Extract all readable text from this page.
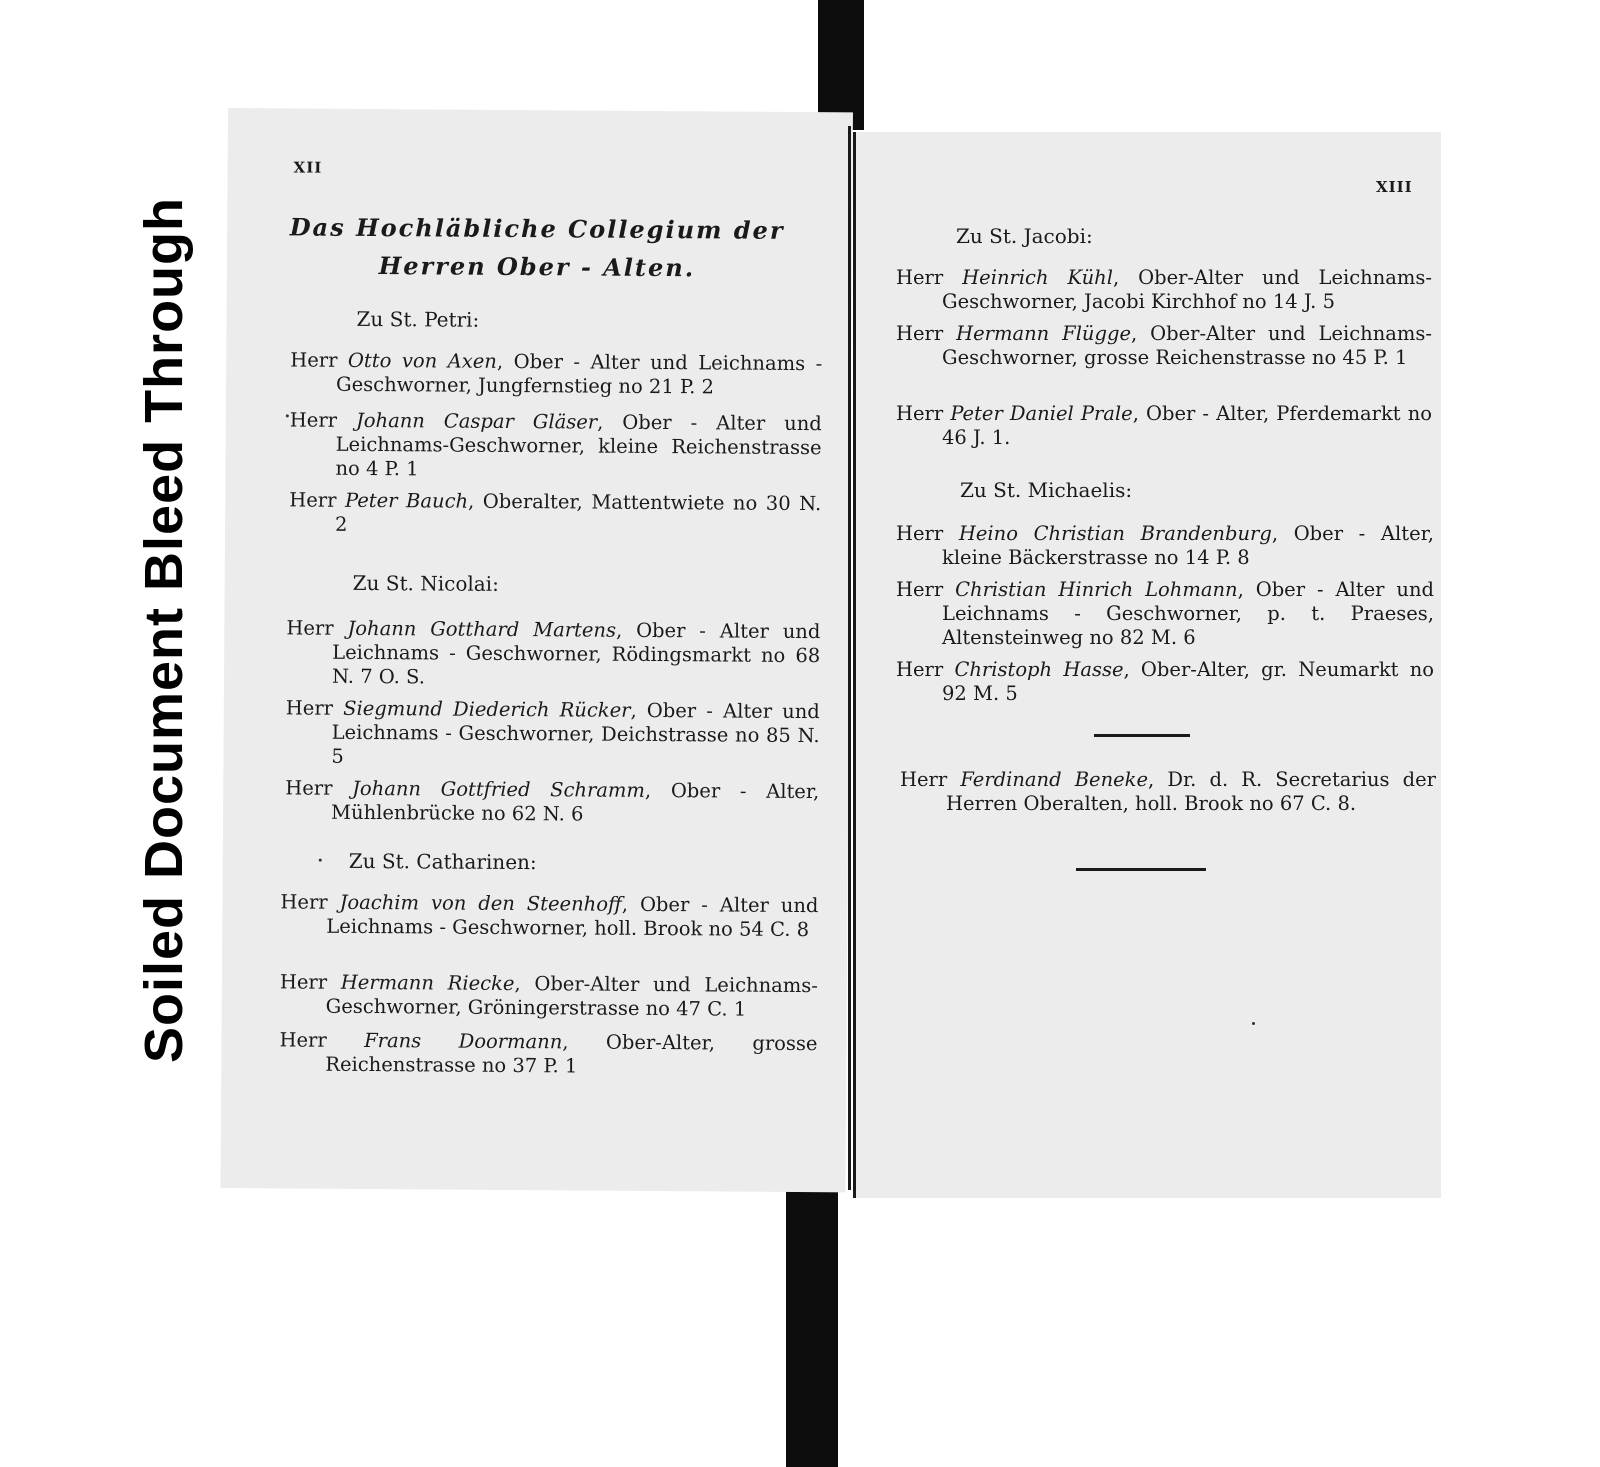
Soiled Document Bleed Through
XII
Das Hochläbliche Collegium der
Herren Ober - Alten.
Zu St. Petri:
Herr Otto von Axen, Ober - Alter und Leichnams - Geschworner, Jungfernstieg no 21 P. 2
Herr Johann Caspar Gläser, Ober - Alter und Leichnams-Geschworner, kleine Reichenstrasse no 4 P. 1
Herr Peter Bauch, Oberalter, Mattentwiete no 30 N. 2
Zu St. Nicolai:
Herr Johann Gotthard Martens, Ober - Alter und Leichnams - Geschworner, Rödingsmarkt no 68 N. 7 O. S.
Herr Siegmund Diederich Rücker, Ober - Alter und Leichnams - Geschworner, Deichstrasse no 85 N. 5
Herr Johann Gottfried Schramm, Ober - Alter, Mühlenbrücke no 62 N. 6
Zu St. Catharinen:
Herr Joachim von den Steenhoff, Ober - Alter und Leichnams - Geschworner, holl. Brook no 54 C. 8
Herr Hermann Riecke, Ober-Alter und Leichnams-Geschworner, Gröningerstrasse no 47 C. 1
Herr Frans Doormann, Ober-Alter, grosse Reichenstrasse no 37 P. 1
XIII
Zu St. Jacobi:
Herr Heinrich Kühl, Ober-Alter und Leichnams-Geschworner, Jacobi Kirchhof no 14 J. 5
Herr Hermann Flügge, Ober-Alter und Leichnams-Geschworner, grosse Reichenstrasse no 45 P. 1
Herr Peter Daniel Prale, Ober - Alter, Pferdemarkt no 46 J. 1.
Zu St. Michaelis:
Herr Heino Christian Brandenburg, Ober - Alter, kleine Bäckerstrasse no 14 P. 8
Herr Christian Hinrich Lohmann, Ober - Alter und Leichnams - Geschworner, p. t. Praeses, Altensteinweg no 82 M. 6
Herr Christoph Hasse, Ober-Alter, gr. Neumarkt no 92 M. 5
Herr Ferdinand Beneke, Dr. d. R. Secretarius der Herren Oberalten, holl. Brook no 67 C. 8.
